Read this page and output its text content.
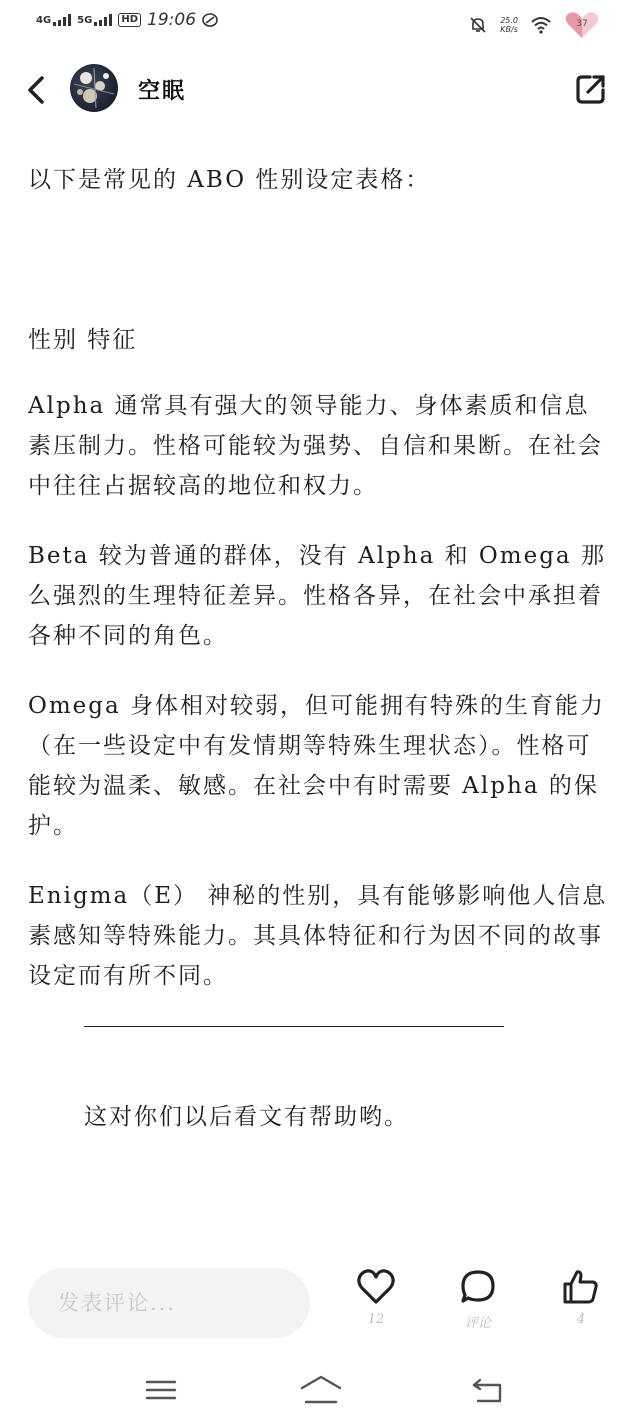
4G	5G	HD 19:06	25.0
KB/s
37
空眠

以下是常见的 ABO 性别设定表格：

性别 特征

Alpha 通常具有强大的领导能力、身体素质和信息素压制力。性格可能较为强势、自信和果断。在社会中往往占据较高的地位和权力。

Beta 较为普通的群体，没有 Alpha 和 Omega 那么强烈的生理特征差异。性格各异，在社会中承担着各种不同的角色。

Omega 身体相对较弱，但可能拥有特殊的生育能力（在一些设定中有发情期等特殊生理状态）。性格可能较为温柔、敏感。在社会中有时需要 Alpha 的保护。

Enigma（E） 神秘的性别，具有能够影响他人信息素感知等特殊能力。其具体特征和行为因不同的故事设定而有所不同。

这对你们以后看文有帮助哟。

发表评论...
12	评论	4
